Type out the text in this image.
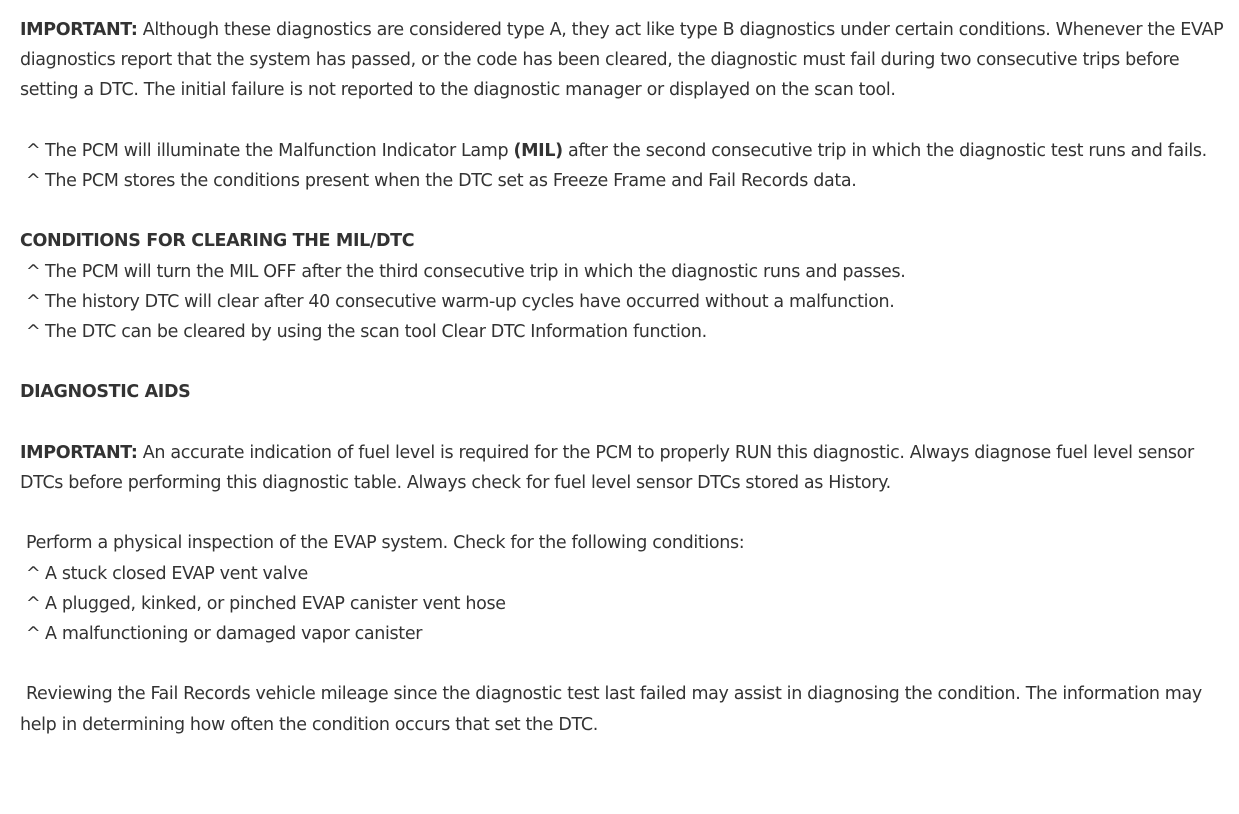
IMPORTANT: Although these diagnostics are considered type A, they act like type B diagnostics under certain conditions. Whenever the EVAP diagnostics report that the system has passed, or the code has been cleared, the diagnostic must fail during two consecutive trips before setting a DTC. The initial failure is not reported to the diagnostic manager or displayed on the scan tool.

^ The PCM will illuminate the Malfunction Indicator Lamp (MIL) after the second consecutive trip in which the diagnostic test runs and fails.

^ The PCM stores the conditions present when the DTC set as Freeze Frame and Fail Records data.

CONDITIONS FOR CLEARING THE MIL/DTC

^ The PCM will turn the MIL OFF after the third consecutive trip in which the diagnostic runs and passes.

^ The history DTC will clear after 40 consecutive warm-up cycles have occurred without a malfunction.

^ The DTC can be cleared by using the scan tool Clear DTC Information function.

DIAGNOSTIC AIDS

IMPORTANT: An accurate indication of fuel level is required for the PCM to properly RUN this diagnostic. Always diagnose fuel level sensor DTCs before performing this diagnostic table. Always check for fuel level sensor DTCs stored as History.

Perform a physical inspection of the EVAP system. Check for the following conditions:

^ A stuck closed EVAP vent valve

^ A plugged, kinked, or pinched EVAP canister vent hose

^ A malfunctioning or damaged vapor canister

Reviewing the Fail Records vehicle mileage since the diagnostic test last failed may assist in diagnosing the condition. The information may help in determining how often the condition occurs that set the DTC.
